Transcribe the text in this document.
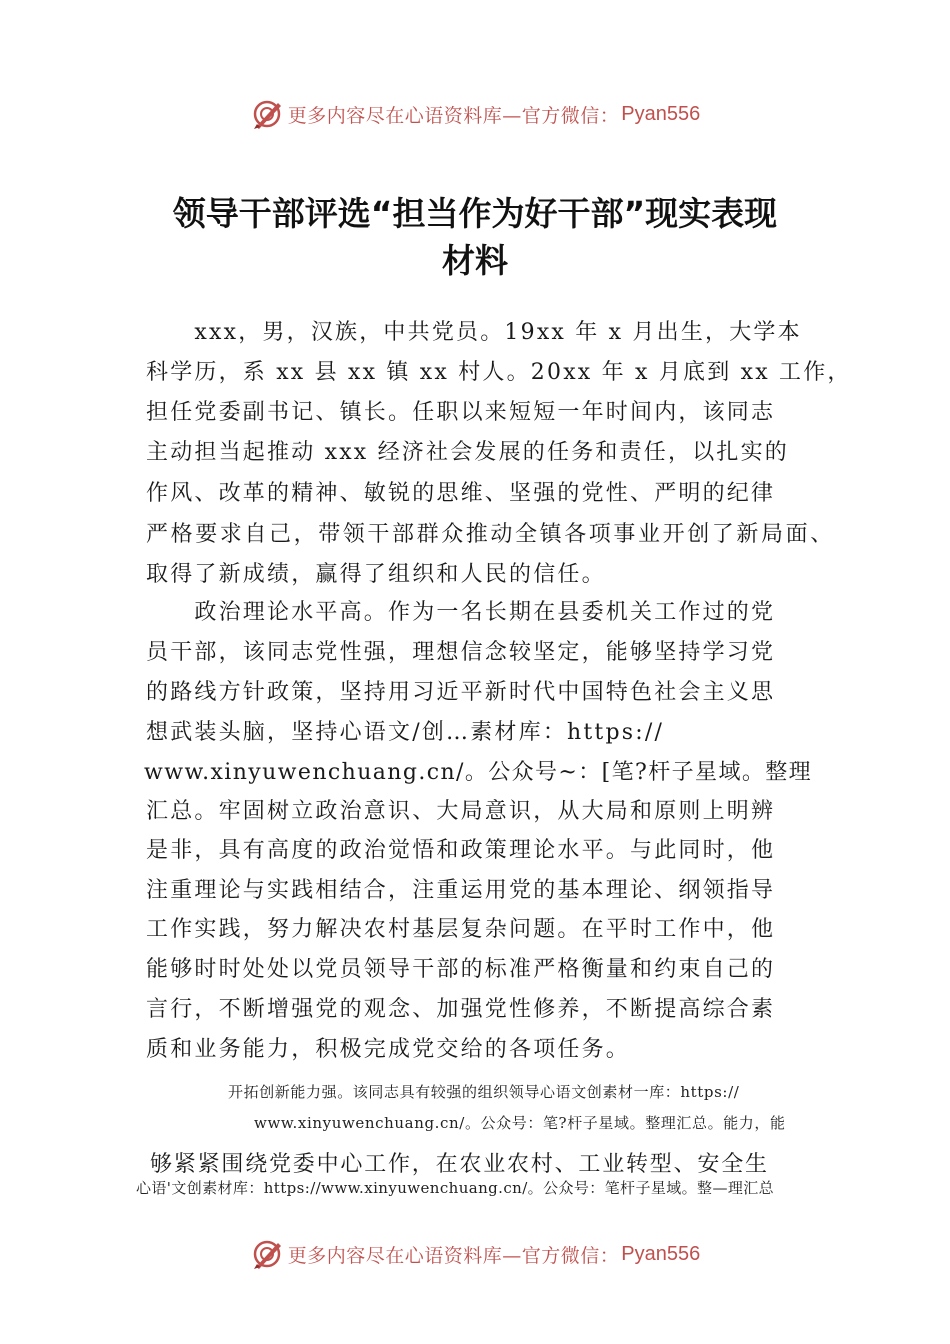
更多内容尽在心语资料库—官方微信： Pyan556
领导干部评选“担当作为好干部”现实表现
材料
　　xxx，男，汉族，中共党员。19xx 年 x 月出生，大学本
科学历，系 xx 县 xx 镇 xx 村人。20xx 年 x 月底到 xx 工作，
担任党委副书记、镇长。任职以来短短一年时间内，该同志
主动担当起推动 xxx 经济社会发展的任务和责任，以扎实的
作风、改革的精神、敏锐的思维、坚强的党性、严明的纪律
严格要求自己，带领干部群众推动全镇各项事业开创了新局面、
取得了新成绩，赢得了组织和人民的信任。
　　政治理论水平高。作为一名长期在县委机关工作过的党
员干部，该同志党性强，理想信念较坚定，能够坚持学习党
的路线方针政策，坚持用习近平新时代中国特色社会主义思
想武装头脑，坚持心语文/创…素材库：https://
www.xinyuwenchuang.cn/。公众号~：[笔?杆子星域。整理
汇总。牢固树立政治意识、大局意识，从大局和原则上明辨
是非，具有高度的政治觉悟和政策理论水平。与此同时，他
注重理论与实践相结合，注重运用党的基本理论、纲领指导
工作实践，努力解决农村基层复杂问题。在平时工作中，他
能够时时处处以党员领导干部的标准严格衡量和约束自己的
言行，不断增强党的观念、加强党性修养，不断提高综合素
质和业务能力，积极完成党交给的各项任务。
开拓创新能力强。该同志具有较强的组织领导心语文创素材一库：https://
www.xinyuwenchuang.cn/。公众号：笔?杆子星域。整理汇总。能力，能
够紧紧围绕党委中心工作，在农业农村、工业转型、安全生
心语'文创素材库：https://www.xinyuwenchuang.cn/。公众号：笔杆子星域。整—理汇总
更多内容尽在心语资料库—官方微信： Pyan556
